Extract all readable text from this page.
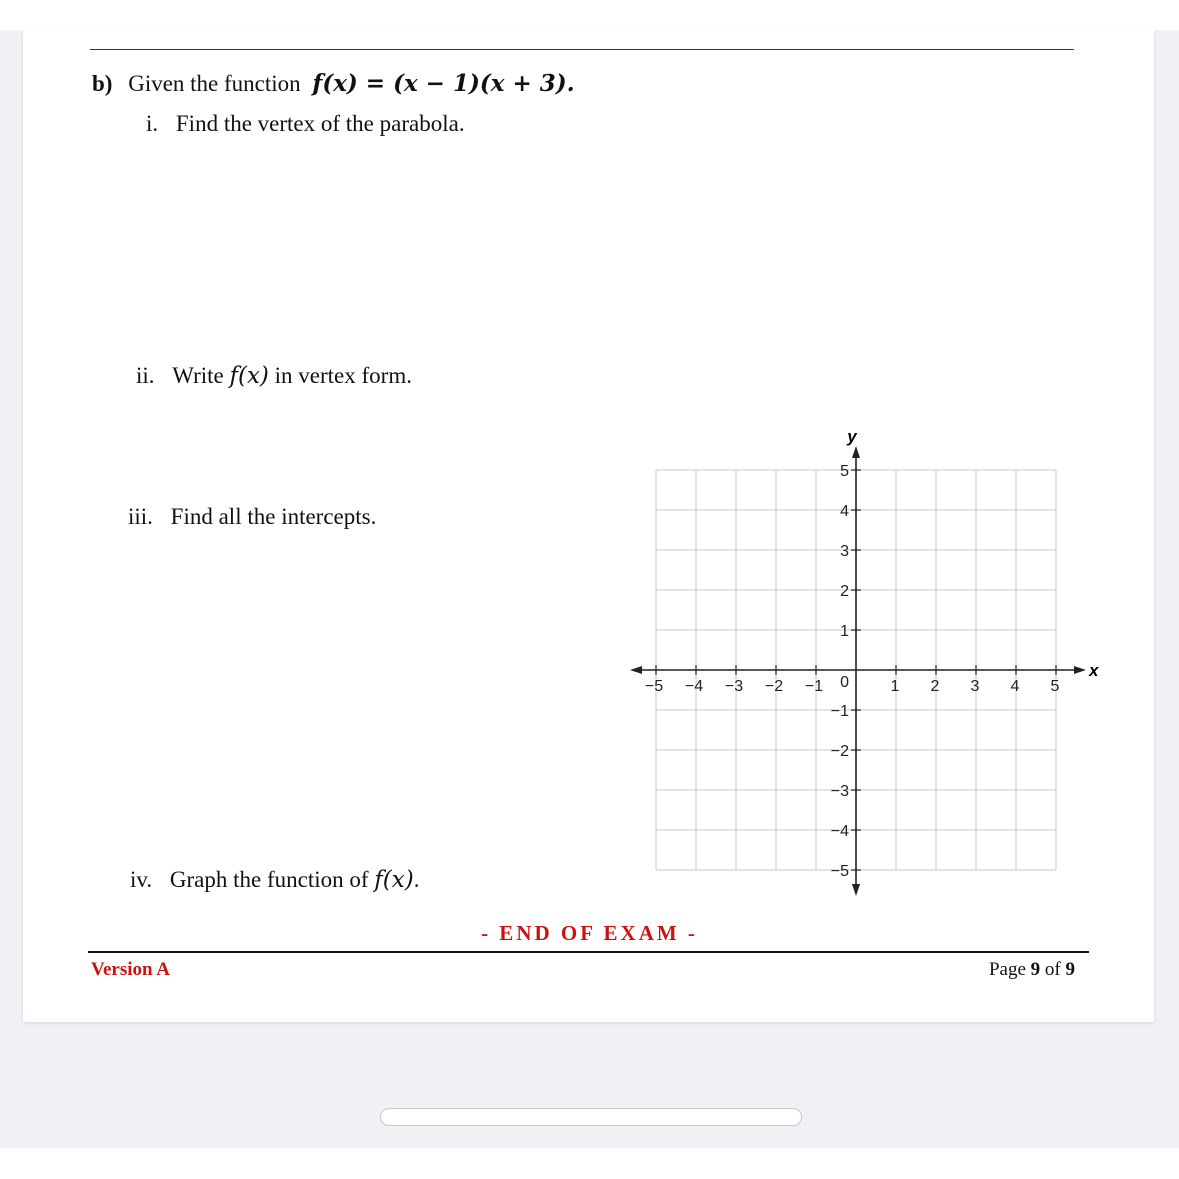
b) Given the function f(x) = (x − 1)(x + 3).
i. Find the vertex of the parabola.
ii. Write f(x) in vertex form.
iii. Find all the intercepts.
iv. Graph the function of f(x).
−5 −4 −3 −2 −1	1 2 3 4 5
−5
−4
−3
−2
−1
1
2
3
4
5
0
x
y
- END OF EXAM -
Version A	Page 9 of 9
